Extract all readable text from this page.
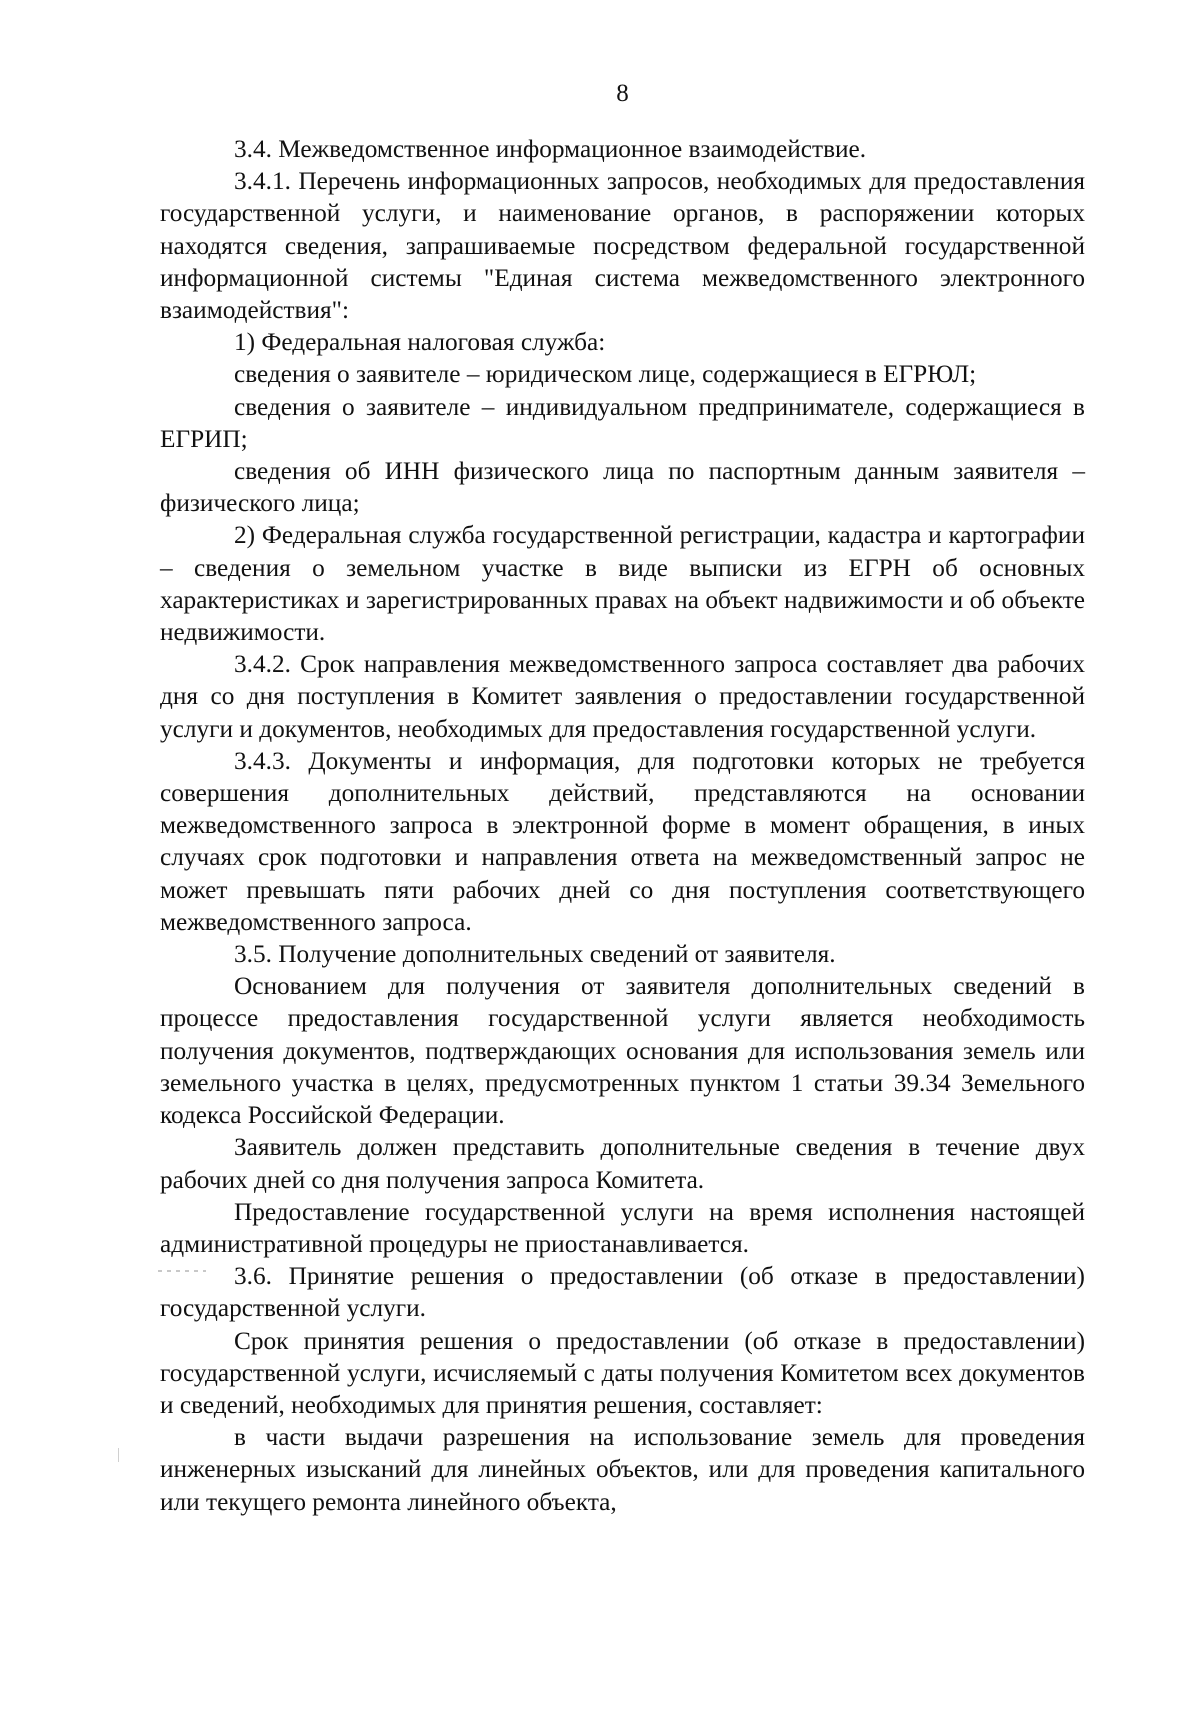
8

3.4. Межведомственное информационное взаимодействие.

3.4.1. Перечень информационных запросов, необходимых для предоставления государственной услуги, и наименование органов, в распоряжении которых находятся сведения, запрашиваемые посредством федеральной государственной информационной системы "Единая система межведомственного электронного взаимодействия":

1) Федеральная налоговая служба:

сведения о заявителе – юридическом лице, содержащиеся в ЕГРЮЛ;

сведения о заявителе – индивидуальном предпринимателе, содержащиеся в ЕГРИП;

сведения об ИНН физического лица по паспортным данным заявителя – физического лица;

2) Федеральная служба государственной регистрации, кадастра и картографии – сведения о земельном участке в виде выписки из ЕГРН об основных характеристиках и зарегистрированных правах на объект надвижимости и об объекте недвижимости.

3.4.2. Срок направления межведомственного запроса составляет два рабочих дня со дня поступления в Комитет заявления о предоставлении государственной услуги и документов, необходимых для предоставления государственной услуги.

3.4.3. Документы и информация, для подготовки которых не требуется совершения дополнительных действий, представляются на основании межведомственного запроса в электронной форме в момент обращения, в иных случаях срок подготовки и направления ответа на межведомственный запрос не может превышать пяти рабочих дней со дня поступления соответствующего межведомственного запроса.

3.5. Получение дополнительных сведений от заявителя.

Основанием для получения от заявителя дополнительных сведений в процессе предоставления государственной услуги является необходимость получения документов, подтверждающих основания для использования земель или земельного участка в целях, предусмотренных пунктом 1 статьи 39.34 Земельного кодекса Российской Федерации.

Заявитель должен представить дополнительные сведения в течение двух рабочих дней со дня получения запроса Комитета.

Предоставление государственной услуги на время исполнения настоящей административной процедуры не приостанавливается.

3.6. Принятие решения о предоставлении (об отказе в предоставлении) государственной услуги.

Срок принятия решения о предоставлении (об отказе в предоставлении) государственной услуги, исчисляемый с даты получения Комитетом всех документов и сведений, необходимых для принятия решения, составляет:

в части выдачи разрешения на использование земель для проведения инженерных изысканий для линейных объектов, или для проведения капитального или текущего ремонта линейного объекта,
